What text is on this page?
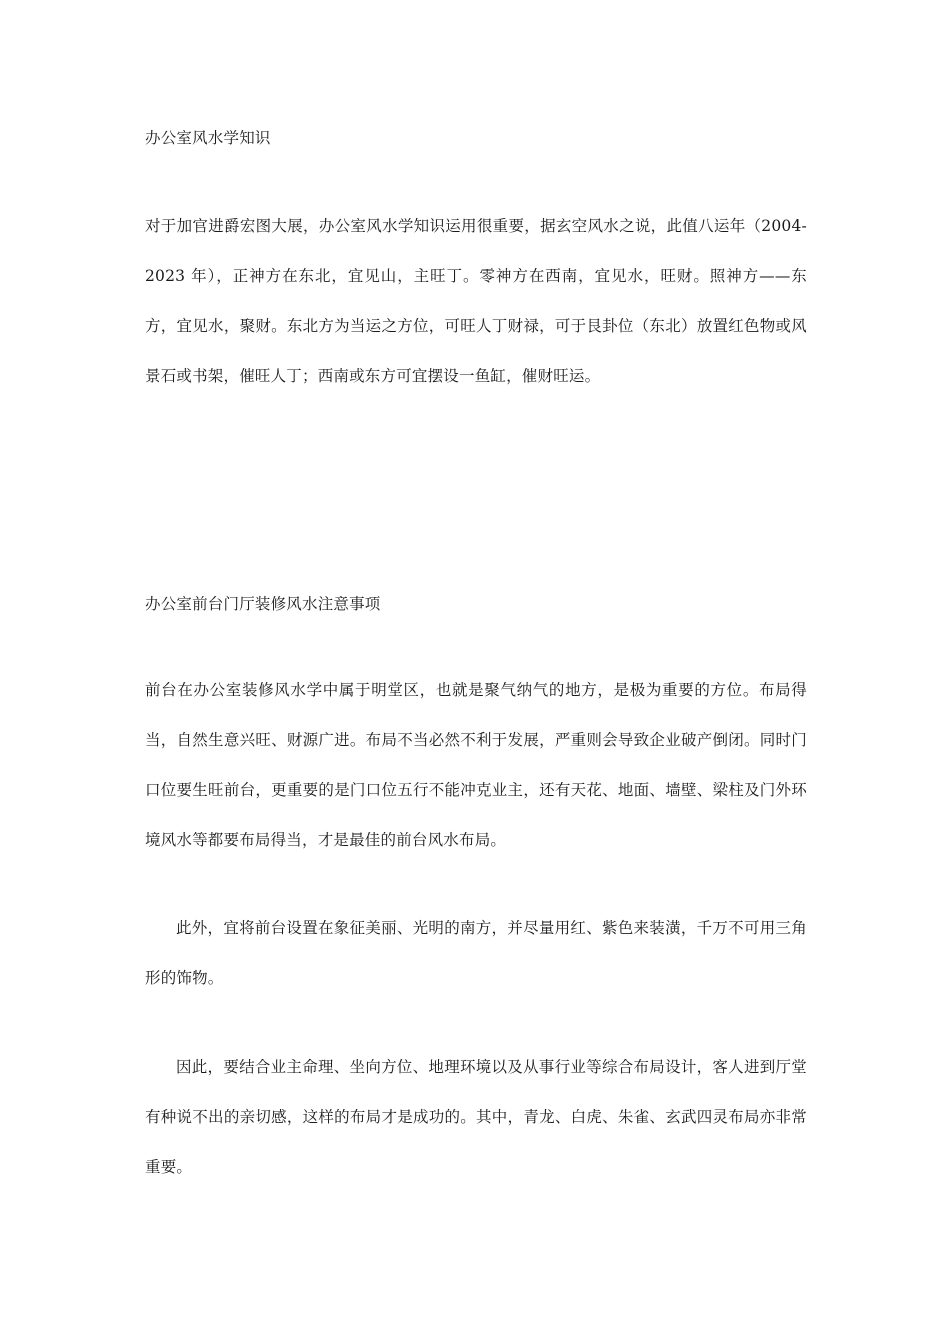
办公室风水学知识

对于加官进爵宏图大展，办公室风水学知识运用很重要，据玄空风水之说，此值八运年（2004-2023 年），正神方在东北，宜见山，主旺丁。零神方在西南，宜见水，旺财。照神方——东方，宜见水，聚财。东北方为当运之方位，可旺人丁财禄，可于艮卦位（东北）放置红色物或风景石或书架，催旺人丁；西南或东方可宜摆设一鱼缸，催财旺运。

办公室前台门厅装修风水注意事项

前台在办公室装修风水学中属于明堂区，也就是聚气纳气的地方，是极为重要的方位。布局得当，自然生意兴旺、财源广进。布局不当必然不利于发展，严重则会导致企业破产倒闭。同时门口位要生旺前台，更重要的是门口位五行不能冲克业主，还有天花、地面、墙壁、梁柱及门外环境风水等都要布局得当，才是最佳的前台风水布局。

此外，宜将前台设置在象征美丽、光明的南方，并尽量用红、紫色来装潢，千万不可用三角形的饰物。

因此，要结合业主命理、坐向方位、地理环境以及从事行业等综合布局设计，客人进到厅堂有种说不出的亲切感，这样的布局才是成功的。其中，青龙、白虎、朱雀、玄武四灵布局亦非常重要。
